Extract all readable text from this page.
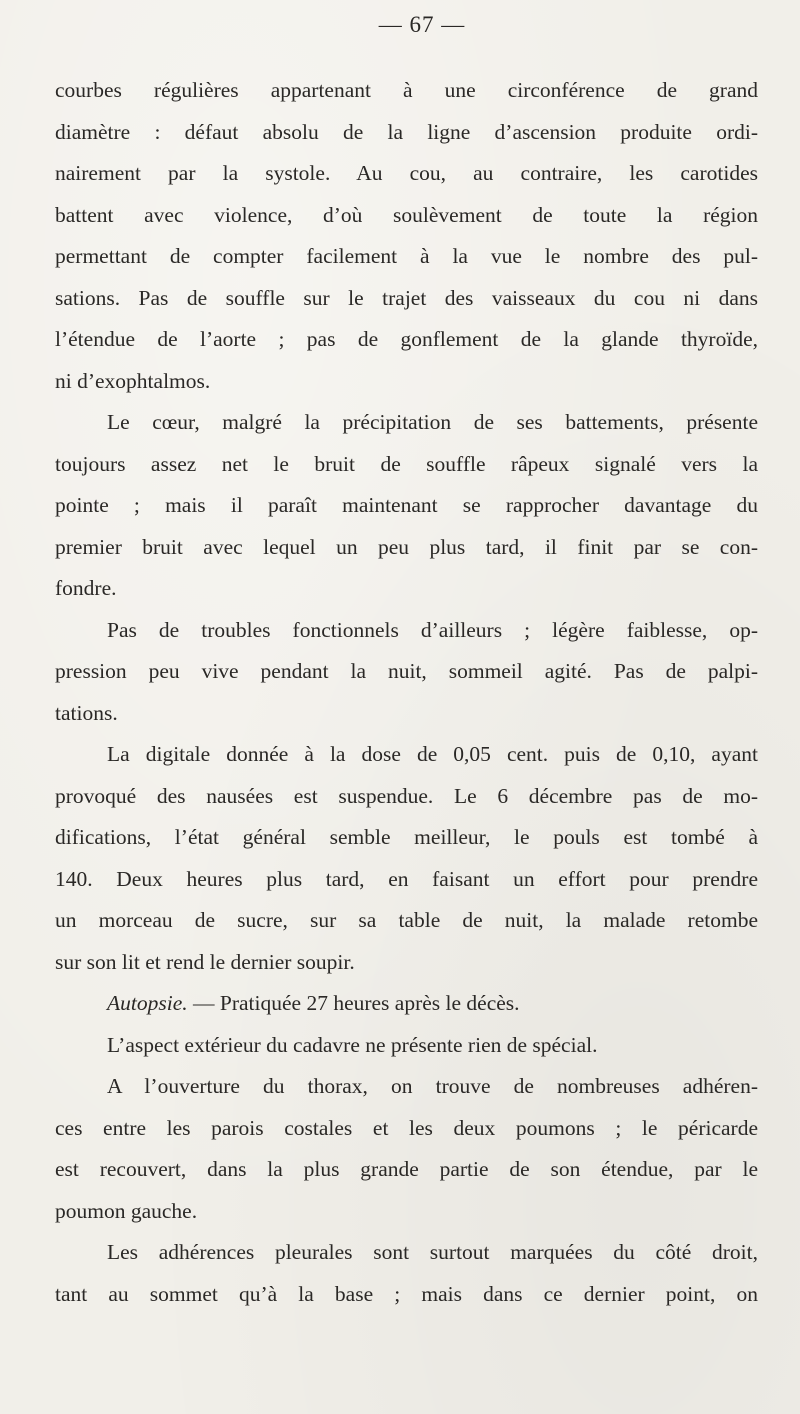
— 67 —
courbes régulières appartenant à une circonférence de grand
diamètre : défaut absolu de la ligne d’ascension produite ordi-
nairement par la systole. Au cou, au contraire, les carotides
battent avec violence, d’où soulèvement de toute la région
permettant de compter facilement à la vue le nombre des pul-
sations. Pas de souffle sur le trajet des vaisseaux du cou ni dans
l’étendue de l’aorte ; pas de gonflement de la glande thyroïde,
ni d’exophtalmos.
Le cœur, malgré la précipitation de ses battements, présente
toujours assez net le bruit de souffle râpeux signalé vers la
pointe ; mais il paraît maintenant se rapprocher davantage du
premier bruit avec lequel un peu plus tard, il finit par se con-
fondre.
Pas de troubles fonctionnels d’ailleurs ; légère faiblesse, op-
pression peu vive pendant la nuit, sommeil agité. Pas de palpi-
tations.
La digitale donnée à la dose de 0,05 cent. puis de 0,10, ayant
provoqué des nausées est suspendue. Le 6 décembre pas de mo-
difications, l’état général semble meilleur, le pouls est tombé à
140. Deux heures plus tard, en faisant un effort pour prendre
un morceau de sucre, sur sa table de nuit, la malade retombe
sur son lit et rend le dernier soupir.
Autopsie. — Pratiquée 27 heures après le décès.
L’aspect extérieur du cadavre ne présente rien de spécial.
A l’ouverture du thorax, on trouve de nombreuses adhéren-
ces entre les parois costales et les deux poumons ; le péricarde
est recouvert, dans la plus grande partie de son étendue, par le
poumon gauche.
Les adhérences pleurales sont surtout marquées du côté droit,
tant au sommet qu’à la base ; mais dans ce dernier point, on
